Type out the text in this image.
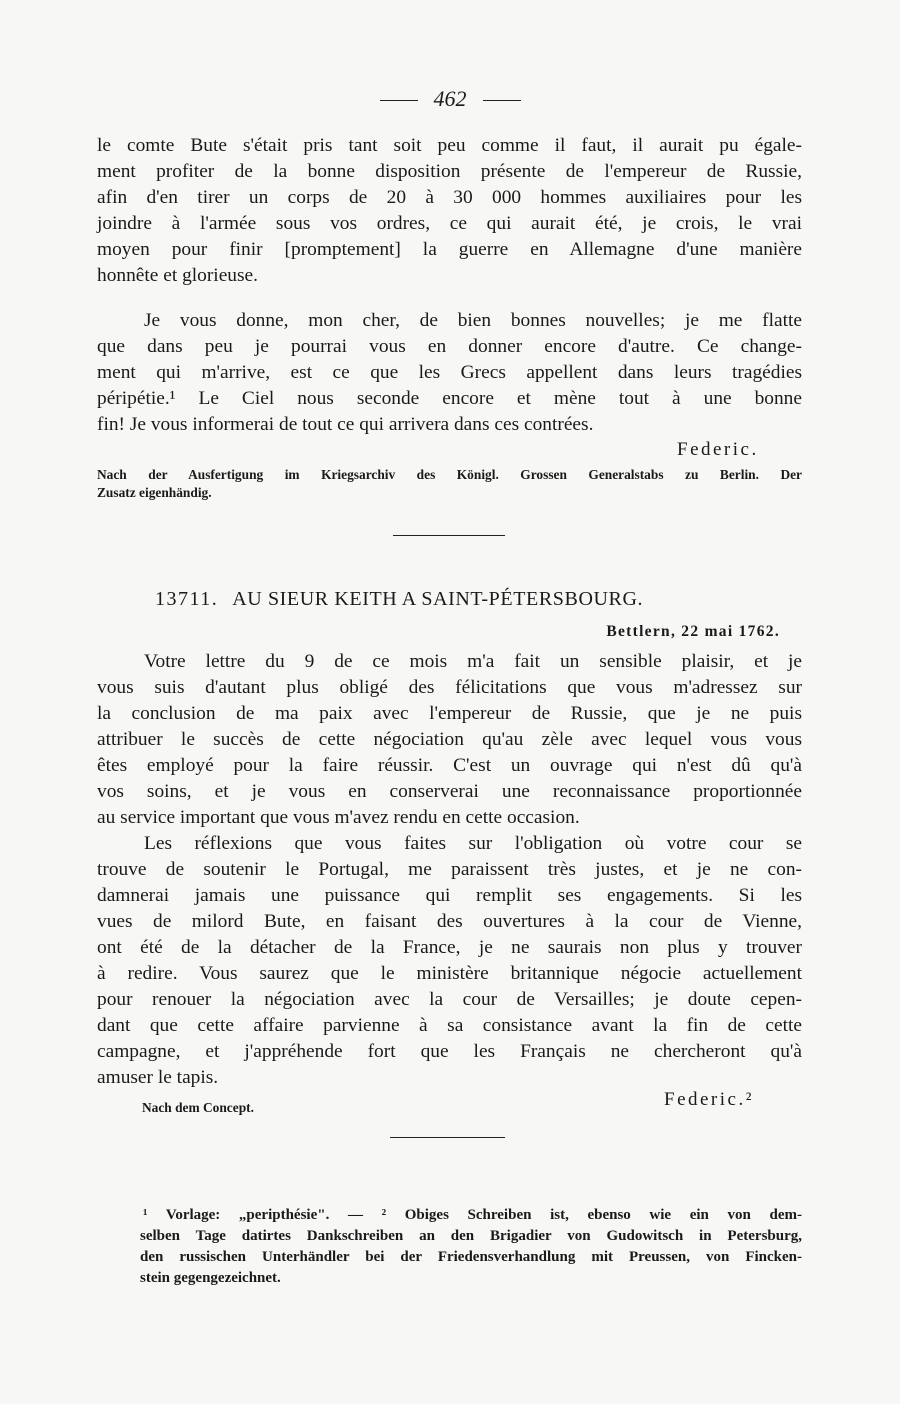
462
le comte Bute s'était pris tant soit peu comme il faut, il aurait pu égale-
ment profiter de la bonne disposition présente de l'empereur de Russie,
afin d'en tirer un corps de 20 à 30 000 hommes auxiliaires pour les
joindre à l'armée sous vos ordres, ce qui aurait été, je crois, le vrai
moyen pour finir [promptement] la guerre en Allemagne d'une manière
honnête et glorieuse.
Je vous donne, mon cher, de bien bonnes nouvelles; je me flatte
que dans peu je pourrai vous en donner encore d'autre. Ce change-
ment qui m'arrive, est ce que les Grecs appellent dans leurs tragédies
péripétie.¹ Le Ciel nous seconde encore et mène tout à une bonne
fin! Je vous informerai de tout ce qui arrivera dans ces contrées.
Federic.
Nach der Ausfertigung im Kriegsarchiv des Königl. Grossen Generalstabs zu Berlin. Der
Zusatz eigenhändig.
13711. AU SIEUR KEITH A SAINT-PÉTERSBOURG.
Bettlern, 22 mai 1762.
Votre lettre du 9 de ce mois m'a fait un sensible plaisir, et je
vous suis d'autant plus obligé des félicitations que vous m'adressez sur
la conclusion de ma paix avec l'empereur de Russie, que je ne puis
attribuer le succès de cette négociation qu'au zèle avec lequel vous vous
êtes employé pour la faire réussir. C'est un ouvrage qui n'est dû qu'à
vos soins, et je vous en conserverai une reconnaissance proportionnée
au service important que vous m'avez rendu en cette occasion.
Les réflexions que vous faites sur l'obligation où votre cour se
trouve de soutenir le Portugal, me paraissent très justes, et je ne con-
damnerai jamais une puissance qui remplit ses engagements. Si les
vues de milord Bute, en faisant des ouvertures à la cour de Vienne,
ont été de la détacher de la France, je ne saurais non plus y trouver
à redire. Vous saurez que le ministère britannique négocie actuellement
pour renouer la négociation avec la cour de Versailles; je doute cepen-
dant que cette affaire parvienne à sa consistance avant la fin de cette
campagne, et j'appréhende fort que les Français ne chercheront qu'à
amuser le tapis.
Nach dem Concept.	Federic.²
¹ Vorlage: „peripthésie". — ² Obiges Schreiben ist, ebenso wie ein von dem-
selben Tage datirtes Dankschreiben an den Brigadier von Gudowitsch in Petersburg,
den russischen Unterhändler bei der Friedensverhandlung mit Preussen, von Fincken-
stein gegengezeichnet.
